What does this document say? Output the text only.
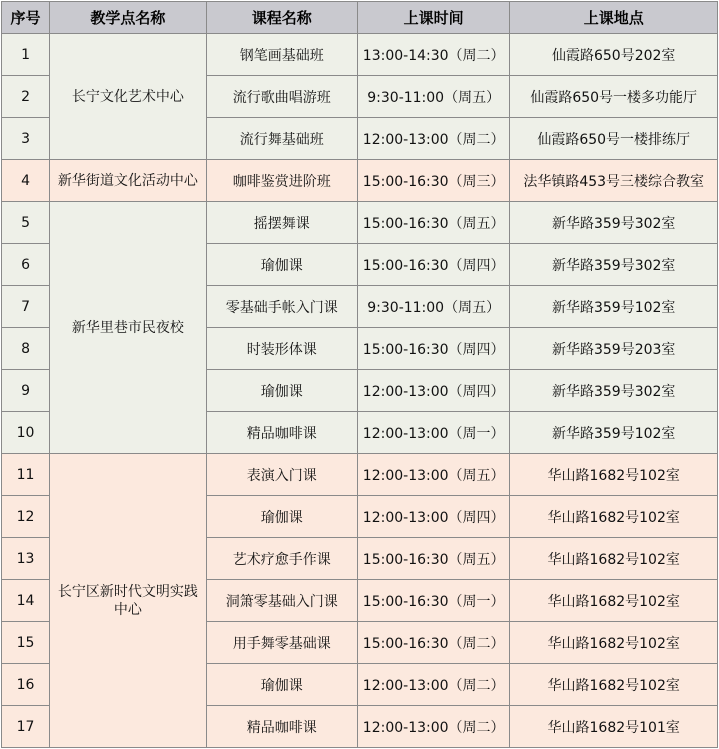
序号	教学点名称	课程名称	上课时间	上课地点
1	长宁文化艺术中心	钢笔画基础班	13:00-14:30（周二）	仙霞路650号202室
2		流行歌曲唱游班	9:30-11:00（周五）	仙霞路650号一楼多功能厅
3		流行舞基础班	12:00-13:00（周二）	仙霞路650号一楼排练厅
4	新华街道文化活动中心	咖啡鉴赏进阶班	15:00-16:30（周三）	法华镇路453号三楼综合教室
5	新华里巷市民夜校	摇摆舞课	15:00-16:30（周五）	新华路359号302室
6		瑜伽课	15:00-16:30（周四）	新华路359号302室
7		零基础手帐入门课	9:30-11:00（周五）	新华路359号102室
8		时装形体课	15:00-16:30（周四）	新华路359号203室
9		瑜伽课	12:00-13:00（周四）	新华路359号302室
10		精品咖啡课	12:00-13:00（周一）	新华路359号102室
11	长宁区新时代文明实践中心	表演入门课	12:00-13:00（周五）	华山路1682号102室
12		瑜伽课	12:00-13:00（周四）	华山路1682号102室
13		艺术疗愈手作课	15:00-16:30（周五）	华山路1682号102室
14		洞箫零基础入门课	15:00-16:30（周一）	华山路1682号102室
15		用手舞零基础课	15:00-16:30（周二）	华山路1682号102室
16		瑜伽课	12:00-13:00（周二）	华山路1682号102室
17		精品咖啡课	12:00-13:00（周二）	华山路1682号101室
